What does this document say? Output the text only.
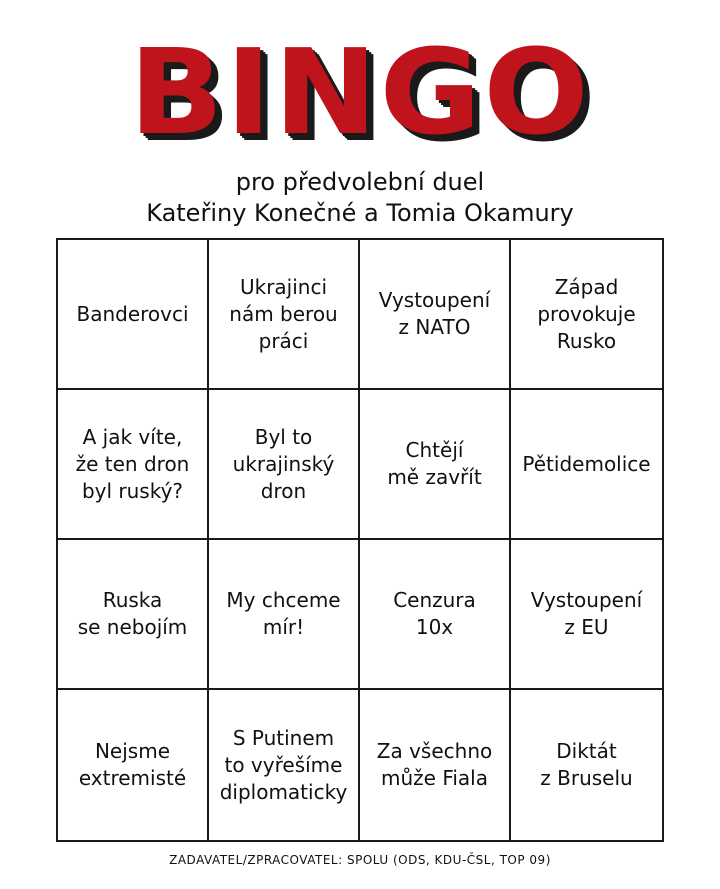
BINGO
pro předvolební duel
Kateřiny Konečné a Tomia Okamury
Banderovci
Ukrajinci
nám berou
práci
Vystoupení
z NATO
Západ
provokuje
Rusko
A jak víte,
že ten dron
byl ruský?
Byl to
ukrajinský
dron
Chtějí
mě zavřít
Pětidemolice
Ruska
se nebojím
My chceme
mír!
Cenzura
10x
Vystoupení
z EU
Nejsme
extremisté
S Putinem
to vyřešíme
diplomaticky
Za všechno
může Fiala
Diktát
z Bruselu
ZADAVATEL/ZPRACOVATEL: SPOLU (ODS, KDU-ČSL, TOP 09)
